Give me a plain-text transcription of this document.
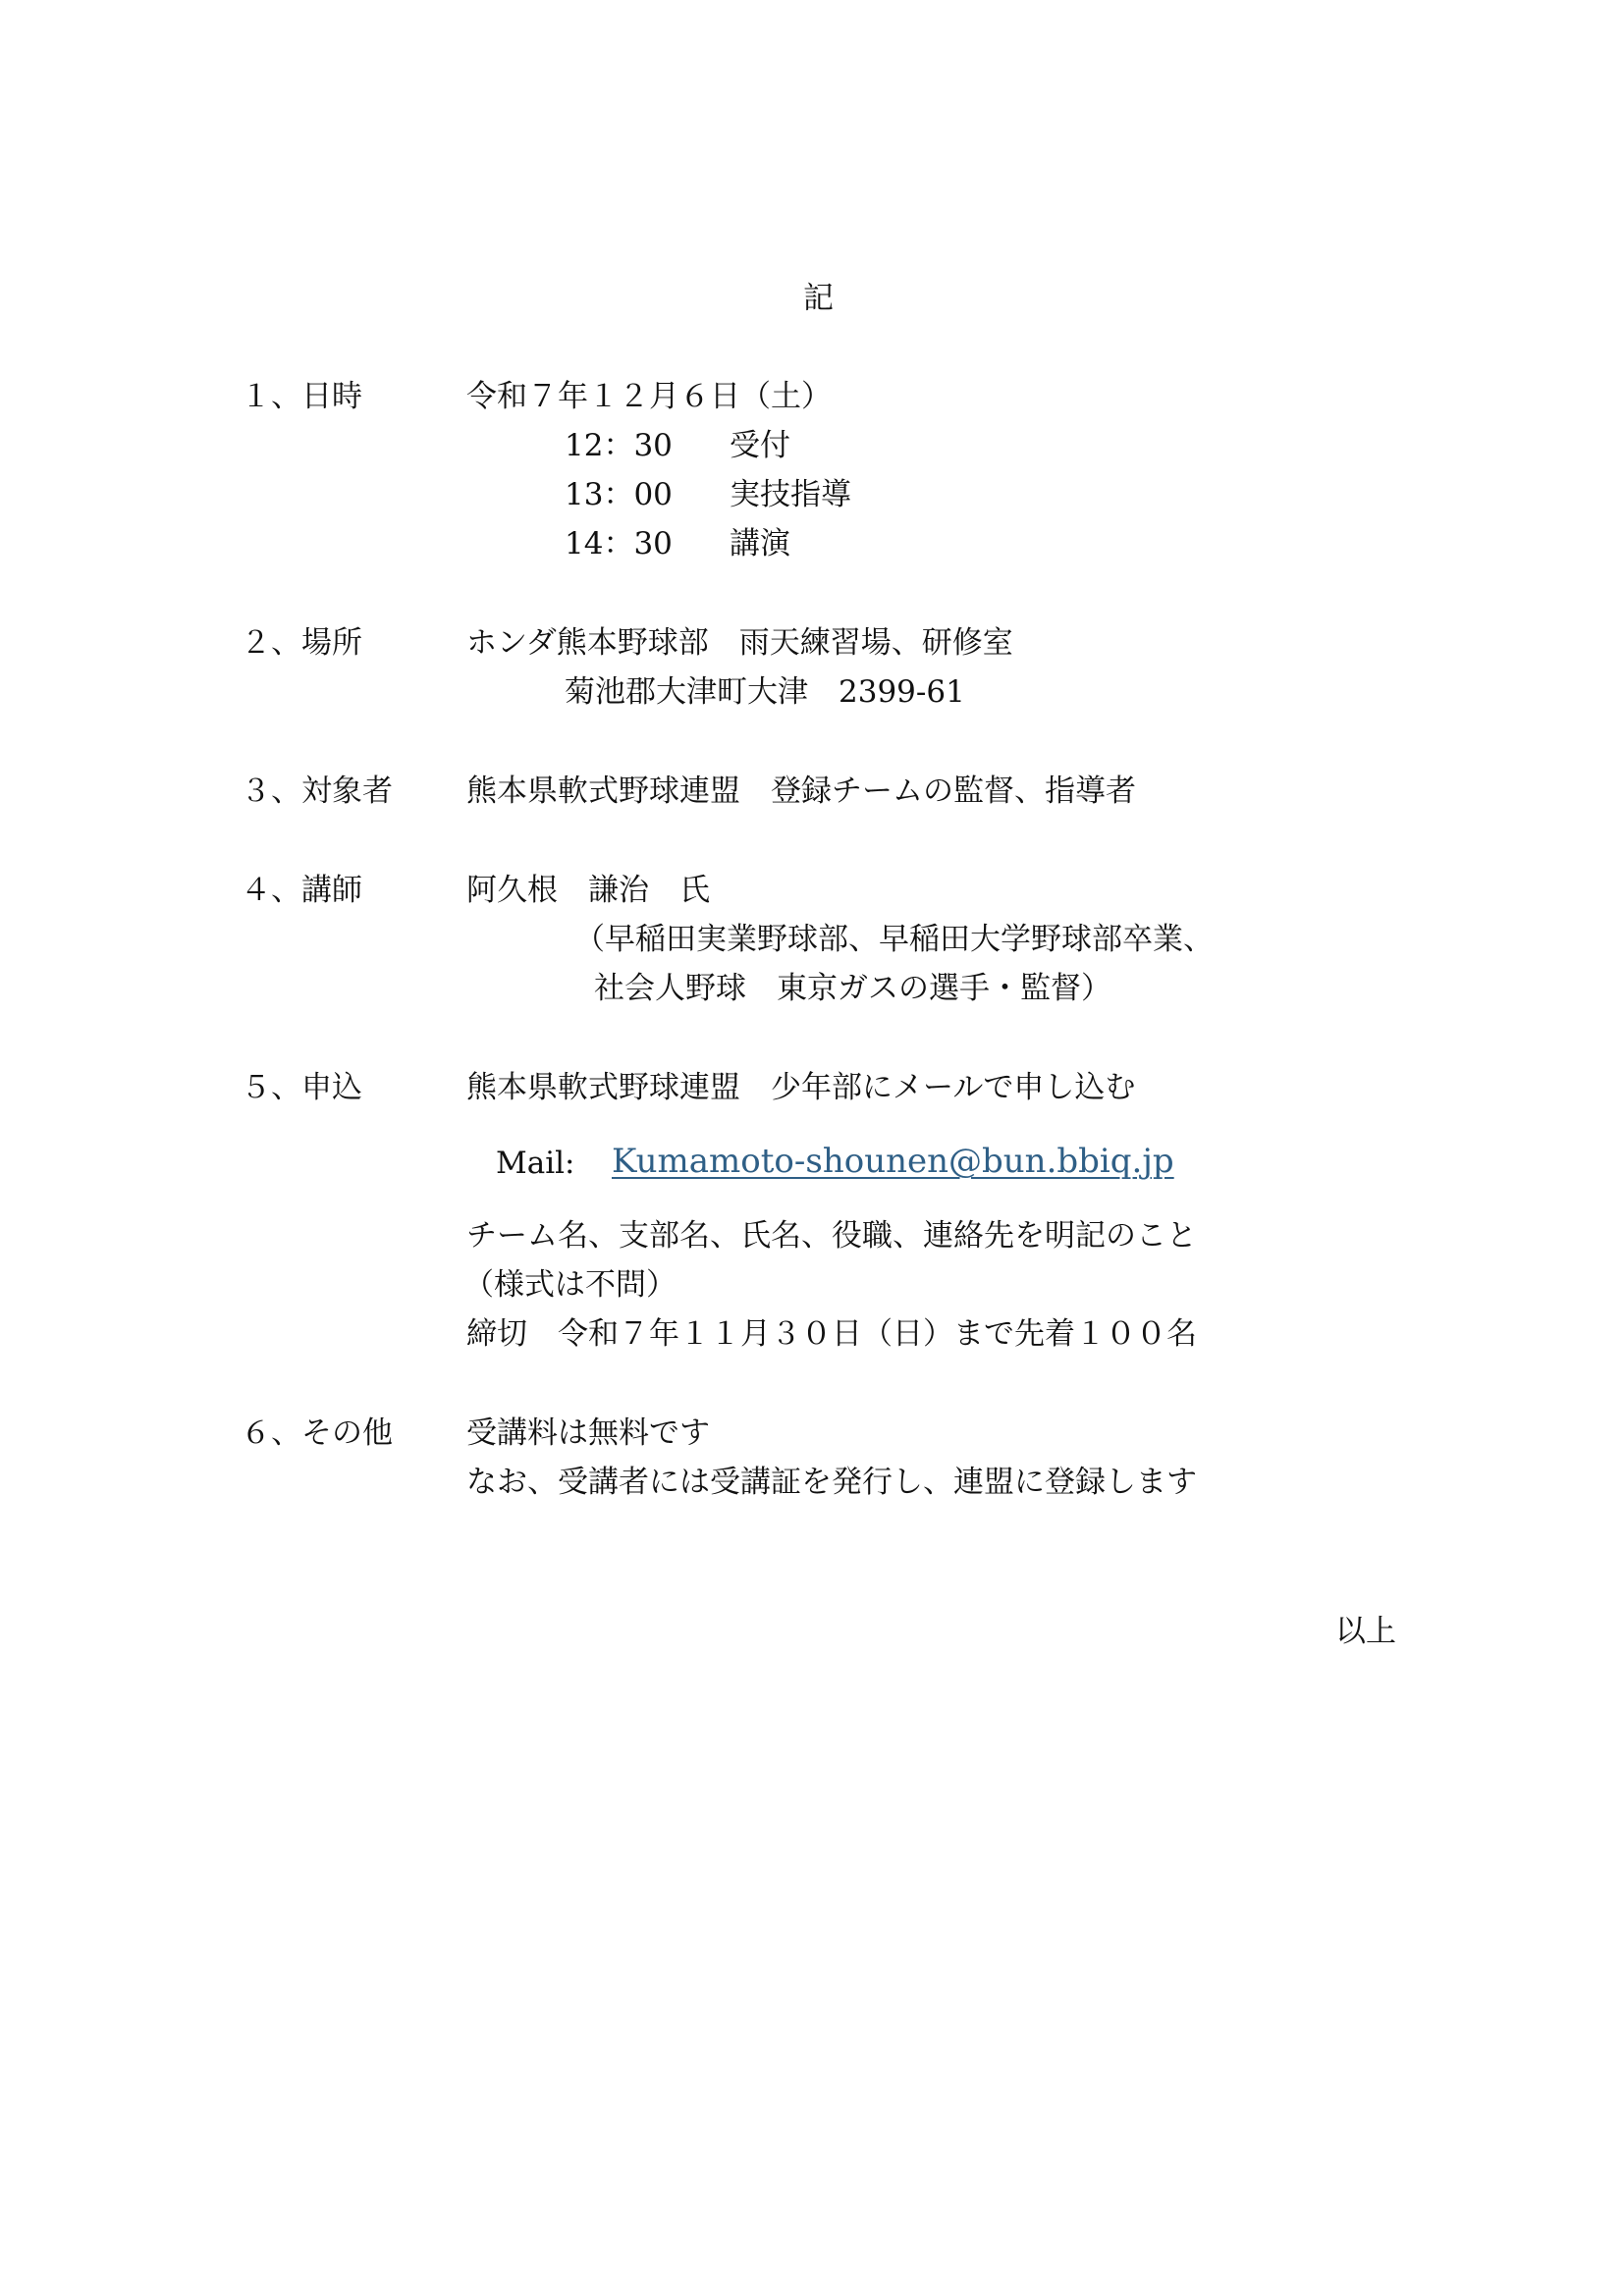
記
１、日時	令和７年１２月６日（土）
12：30 受付
13：00 実技指導
14：30 講演
２、場所	ホンダ熊本野球部　雨天練習場、研修室
菊池郡大津町大津　2399-61
３、対象者 熊本県軟式野球連盟　登録チームの監督、指導者
４、講師	阿久根　謙治　氏
（早稲田実業野球部、早稲田大学野球部卒業、
社会人野球　東京ガスの選手・監督）
５、申込	熊本県軟式野球連盟　少年部にメールで申し込む
Mail: Kumamoto-shounen@bun.bbiq.jp
チーム名、支部名、氏名、役職、連絡先を明記のこと
（様式は不問）
締切　令和７年１１月３０日（日）まで先着１００名
６、その他 受講料は無料です
なお、受講者には受講証を発行し、連盟に登録します
以上
